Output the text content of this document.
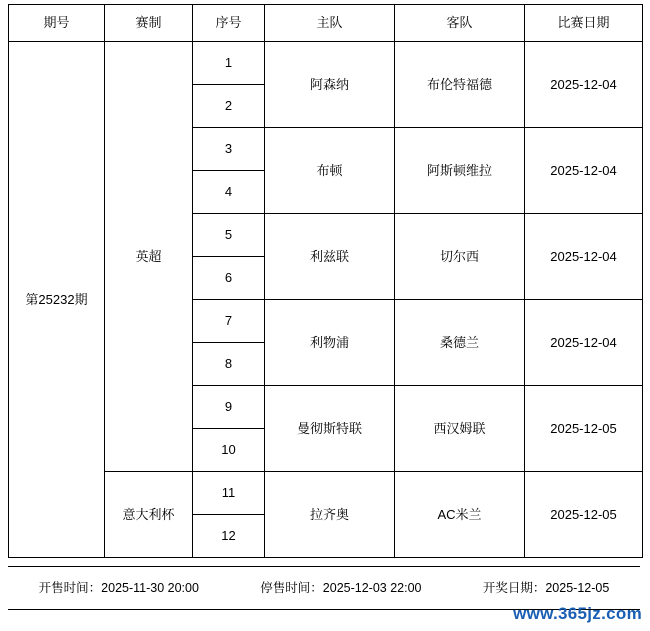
期号	赛制	序号	主队	客队	比赛日期
第25232期	英超	1	阿森纳	布伦特福德	2025-12-04
		2			
		3	布顿	阿斯顿维拉	2025-12-04
		4			
		5	利兹联	切尔西	2025-12-04
		6			
		7	利物浦	桑德兰	2025-12-04
		8			
		9	曼彻斯特联	西汉姆联	2025-12-05
		10			
	意大利杯	11	拉齐奥	AC米兰	2025-12-05
		12			
开售时间：2025-11-30 20:00	停售时间：2025-12-03 22:00	开奖日期：2025-12-05
www.365jz.com
